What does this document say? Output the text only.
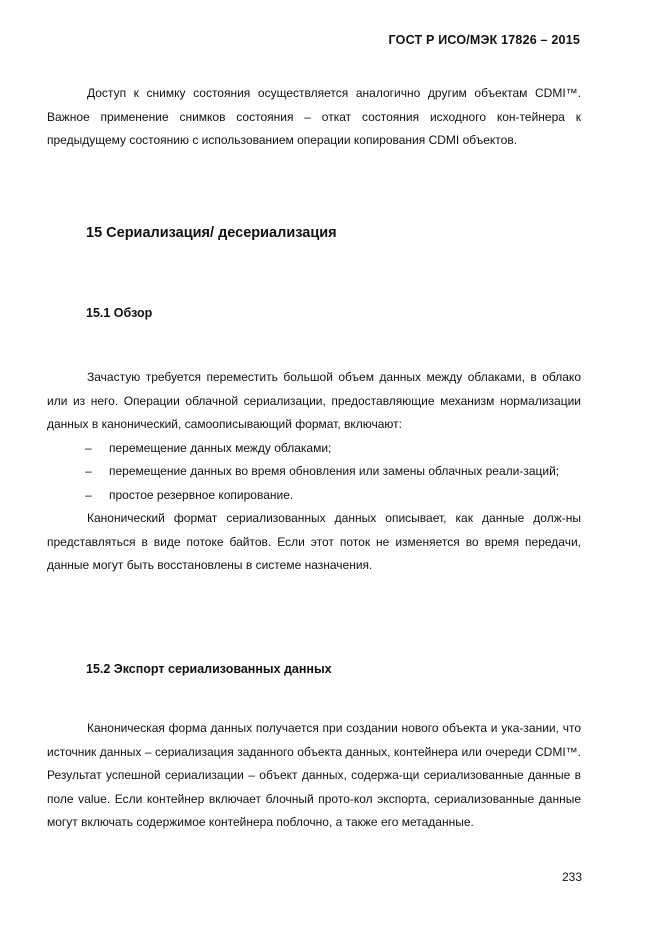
ГОСТ Р ИСО/МЭК 17826 – 2015

Доступ к снимку состояния осуществляется аналогично другим объектам CDMI™. Важное применение снимков состояния – откат состояния исходного кон-тейнера к предыдущему состоянию с использованием операции копирования CDMI объектов.

15 Сериализация/ десериализация
15.1 Обзор

Зачастую требуется переместить большой объем данных между облаками, в облако или из него. Операции облачной сериализации, предоставляющие механизм нормализации данных в канонический, самоописывающий формат, включают:

– перемещение данных между облаками;
– перемещение данных во время обновления или замены облачных реали-заций;
– простое резервное копирование.

Канонический формат сериализованных данных описывает, как данные долж-ны представляться в виде потоке байтов. Если этот поток не изменяется во время передачи, данные могут быть восстановлены в системе назначения.

15.2 Экспорт сериализованных данных

Каноническая форма данных получается при создании нового объекта и ука-зании, что источник данных – сериализация заданного объекта данных, контейнера или очереди CDMI™. Результат успешной сериализации – объект данных, содержа-щи сериализованные данные в поле value. Если контейнер включает блочный прото-кол экспорта, сериализованные данные могут включать содержимое контейнера поблочно, а также его метаданные.

233
